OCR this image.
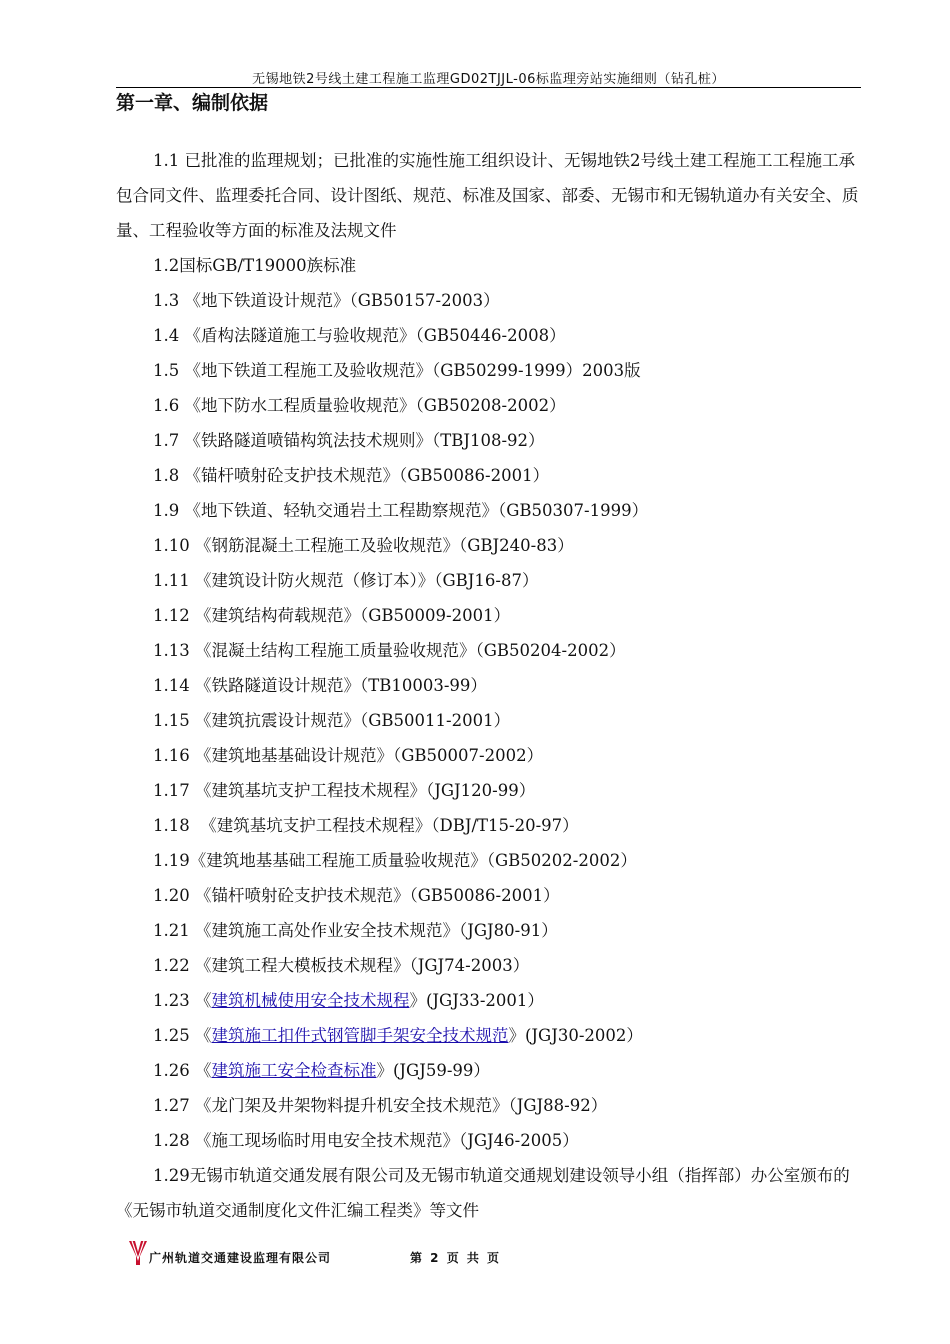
无锡地铁2号线土建工程施工监理GD02TJJL-06标监理旁站实施细则（钻孔桩）
第一章、编制依据

1.1 已批准的监理规划；已批准的实施性施工组织设计、无锡地铁2号线土建工程施工工程施工承包合同文件、监理委托合同、设计图纸、规范、标准及国家、部委、无锡市和无锡轨道办有关安全、质量、工程验收等方面的标准及法规文件

1.2国标GB/T19000族标准

1.3 《地下铁道设计规范》（GB50157-2003）

1.4 《盾构法隧道施工与验收规范》（GB50446-2008）

1.5 《地下铁道工程施工及验收规范》（GB50299-1999）2003版

1.6 《地下防水工程质量验收规范》（GB50208-2002）

1.7 《铁路隧道喷锚构筑法技术规则》（TBJ108-92）

1.8 《锚杆喷射砼支护技术规范》（GB50086-2001）

1.9 《地下铁道、轻轨交通岩土工程勘察规范》（GB50307-1999）

1.10 《钢筋混凝土工程施工及验收规范》（GBJ240-83）

1.11 《建筑设计防火规范（修订本）》（GBJ16-87）

1.12 《建筑结构荷载规范》（GB50009-2001）

1.13 《混凝土结构工程施工质量验收规范》（GB50204-2002）

1.14 《铁路隧道设计规范》（TB10003-99）

1.15 《建筑抗震设计规范》（GB50011-2001）

1.16 《建筑地基基础设计规范》（GB50007-2002）

1.17 《建筑基坑支护工程技术规程》（JGJ120-99）

1.18  《建筑基坑支护工程技术规程》（DBJ/T15-20-97）

1.19《建筑地基基础工程施工质量验收规范》（GB50202-2002）

1.20 《锚杆喷射砼支护技术规范》（GB50086-2001）

1.21 《建筑施工高处作业安全技术规范》（JGJ80-91）

1.22 《建筑工程大模板技术规程》（JGJ74-2003）

1.23 《建筑机械使用安全技术规程》(JGJ33-2001）

1.25 《建筑施工扣件式钢管脚手架安全技术规范》(JGJ30-2002）

1.26 《建筑施工安全检查标准》(JGJ59-99）

1.27 《龙门架及井架物料提升机安全技术规范》（JGJ88-92）

1.28 《施工现场临时用电安全技术规范》（JGJ46-2005）

1.29无锡市轨道交通发展有限公司及无锡市轨道交通规划建设领导小组（指挥部）办公室颁布的《无锡市轨道交通制度化文件汇编工程类》等文件

广州轨道交通建设监理有限公司	第 2 页 共 页
